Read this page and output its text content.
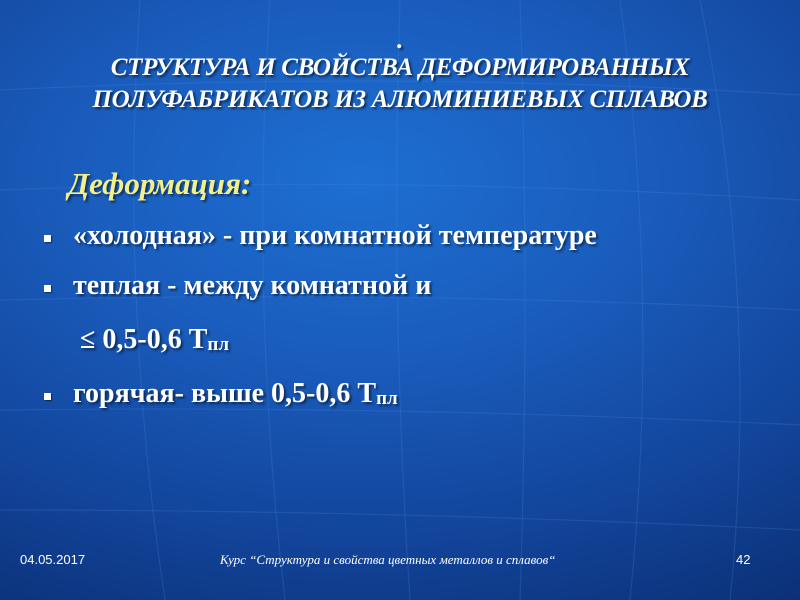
.
СТРУКТУРА И СВОЙСТВА ДЕФОРМИРОВАННЫХ
ПОЛУФАБРИКАТОВ ИЗ АЛЮМИНИЕВЫХ СПЛАВОВ
Деформация:
«холодная» - при комнатной температуре
теплая - между комнатной и
≤ 0,5-0,6 $Т_{пл}$
горячая- выше 0,5-0,6 $Т_{пл}$
04.05.2017	Курс “Структура и свойства цветных металлов и сплавов“	42
